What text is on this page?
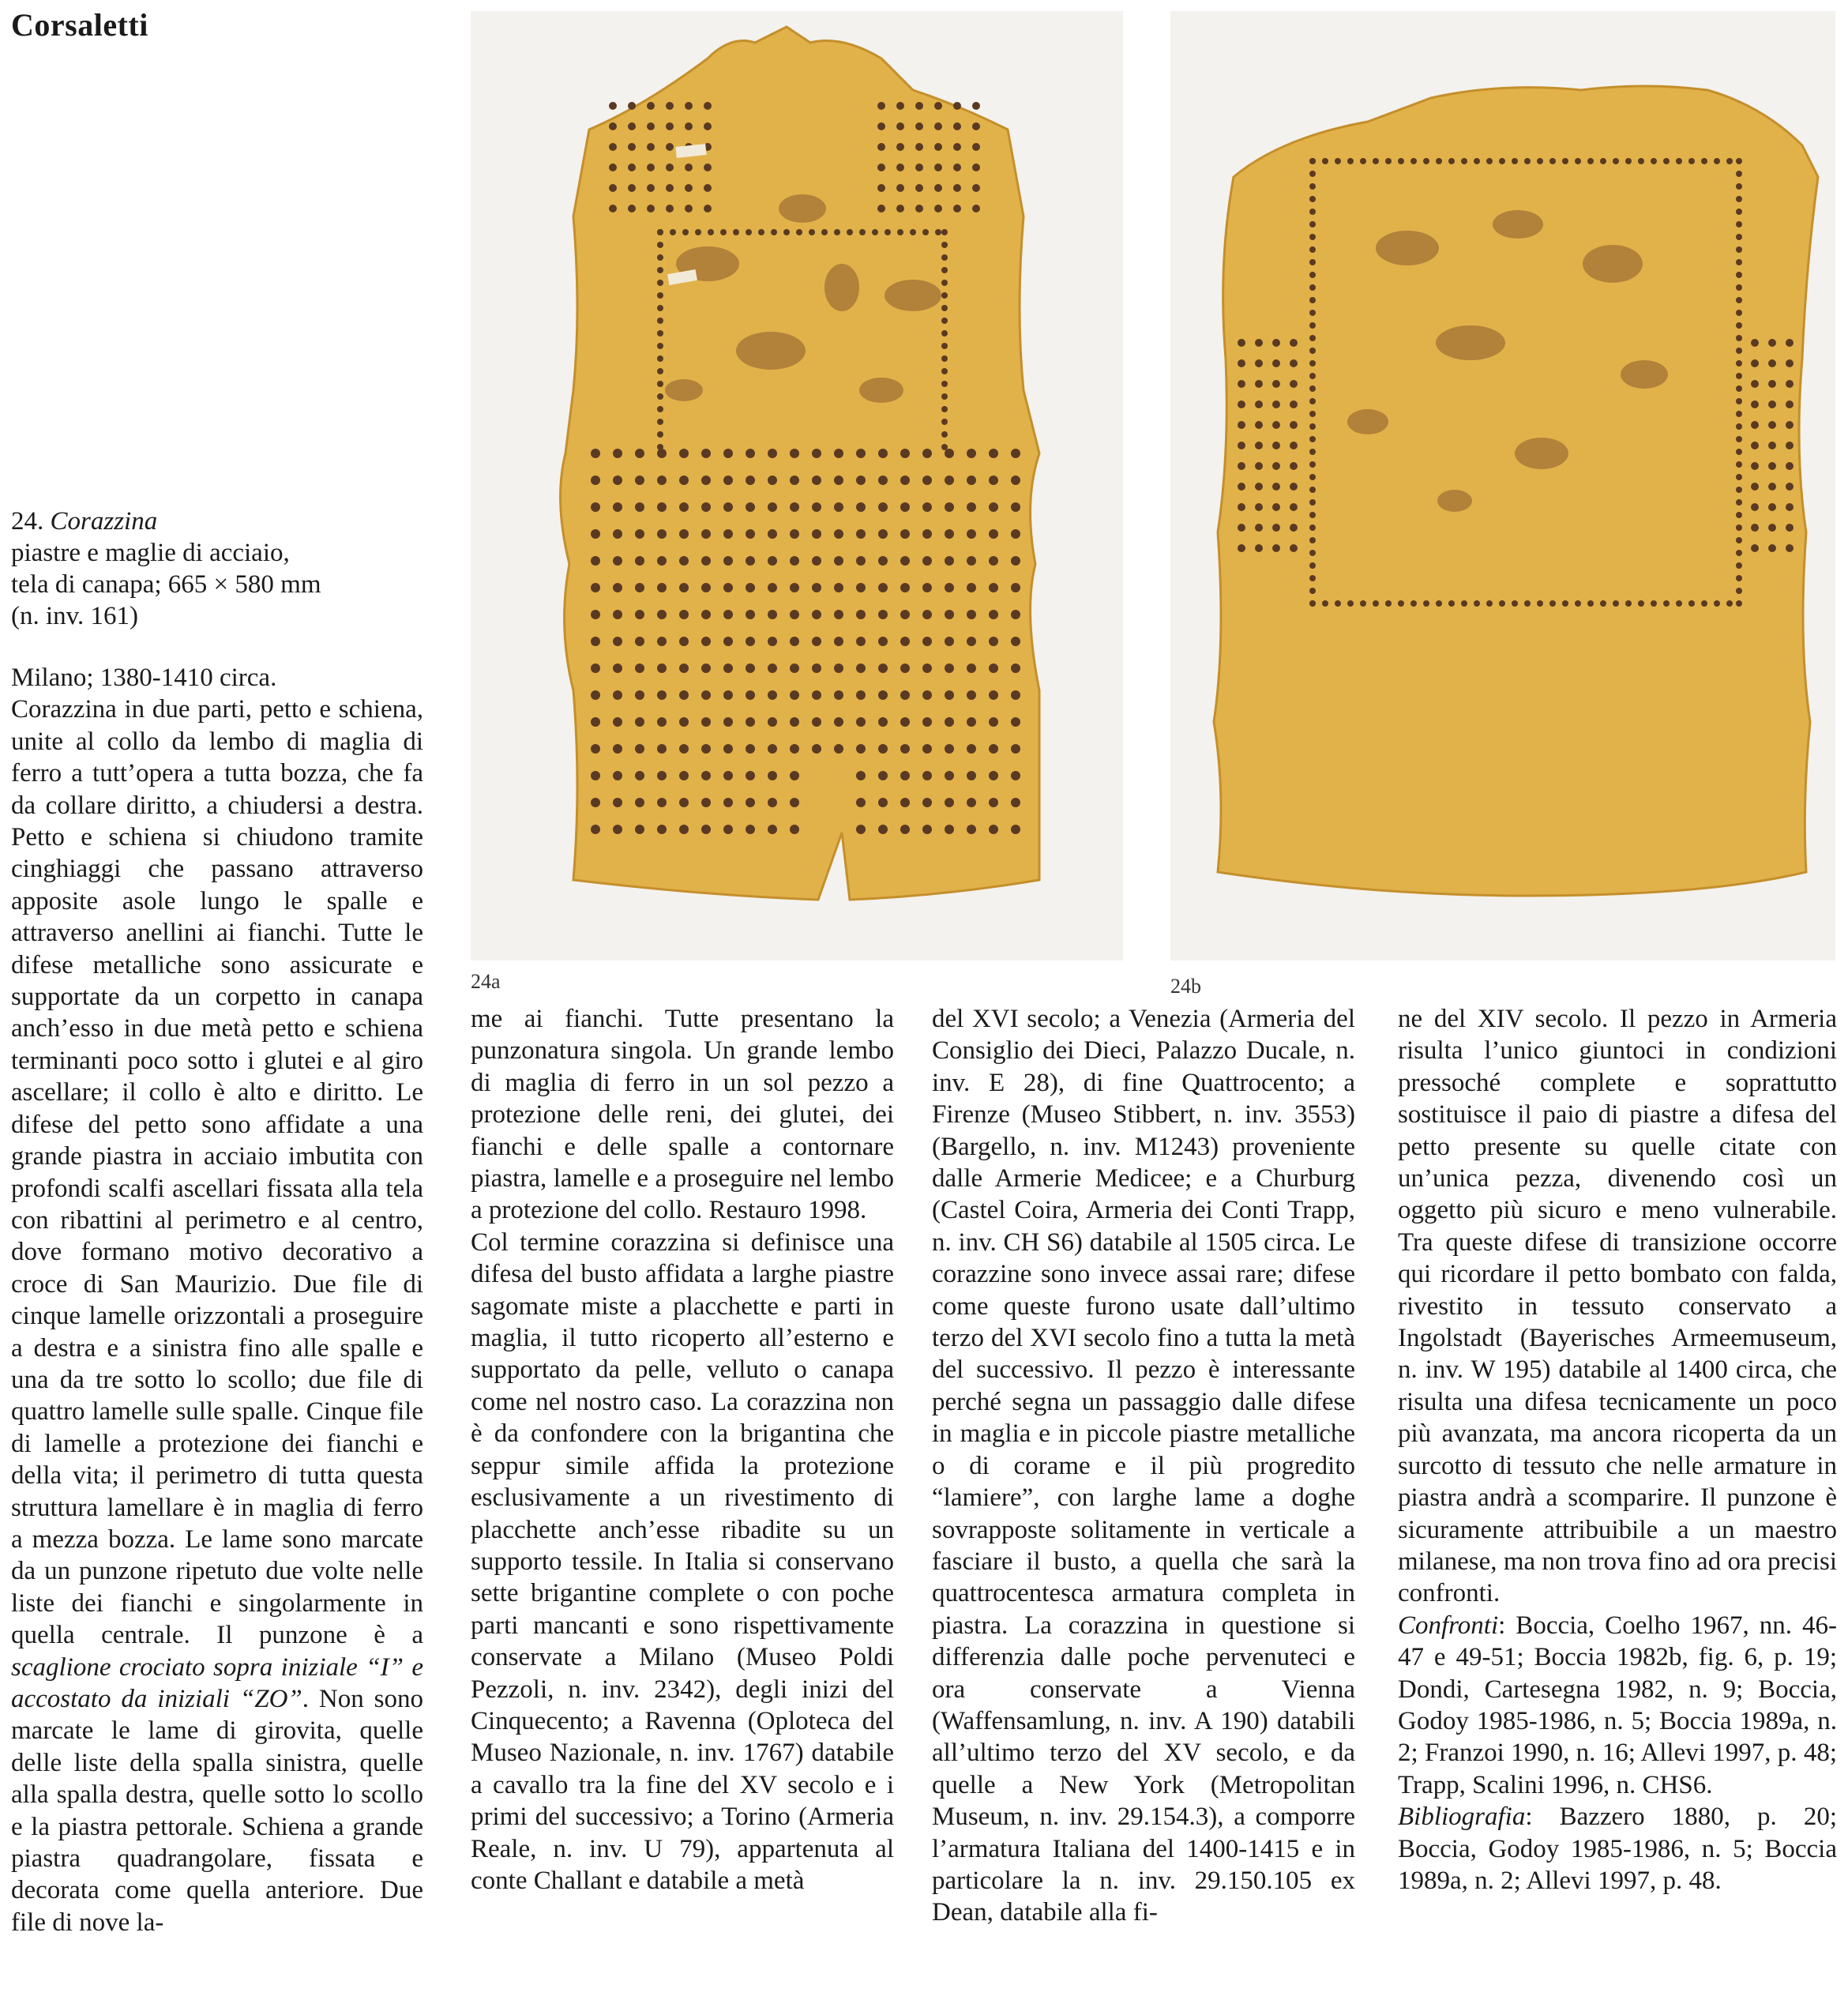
Corsaletti
24. Corazzina
piastre e maglie di acciaio,
tela di canapa; 665 × 580 mm
(n. inv. 161)
24a	24b

Milano; 1380-1410 circa.

Corazzina in due parti, petto e schiena, unite al collo da lembo di maglia di ferro a tutt’opera a tutta bozza, che fa da collare diritto, a chiudersi a destra. Petto e schiena si chiudono tramite cinghiaggi che passano attraverso apposite asole lungo le spalle e attraverso anellini ai fianchi. Tutte le difese metalliche sono assicurate e supportate da un corpetto in canapa anch’esso in due metà petto e schiena terminanti poco sotto i glutei e al giro ascellare; il collo è alto e diritto. Le difese del petto sono affidate a una grande piastra in acciaio imbutita con profondi scalfi ascellari fissata alla tela con ribattini al perimetro e al centro, dove formano motivo decorativo a croce di San Maurizio. Due file di cinque lamelle orizzontali a proseguire a destra e a sinistra fino alle spalle e una da tre sotto lo scollo; due file di quattro lamelle sulle spalle. Cinque file di lamelle a protezione dei fianchi e della vita; il perimetro di tutta questa struttura lamellare è in maglia di ferro a mezza bozza. Le lame sono marcate da un punzone ripetuto due volte nelle liste dei fianchi e singolarmente in quella centrale. Il punzone è a scaglione crociato sopra iniziale “I” e accostato da iniziali “ZO”. Non sono marcate le lame di girovita, quelle delle liste della spalla sinistra, quelle alla spalla destra, quelle sotto lo scollo e la piastra pettorale. Schiena a grande piastra quadrangolare, fissata e decorata come quella anteriore. Due file di nove la-

me ai fianchi. Tutte presentano la punzonatura singola. Un grande lembo di maglia di ferro in un sol pezzo a protezione delle reni, dei glutei, dei fianchi e delle spalle a contornare piastra, lamelle e a proseguire nel lembo a protezione del collo. Restauro 1998.

Col termine corazzina si definisce una difesa del busto affidata a larghe piastre sagomate miste a placchette e parti in maglia, il tutto ricoperto all’esterno e supportato da pelle, velluto o canapa come nel nostro caso. La corazzina non è da confondere con la brigantina che seppur simile affida la protezione esclusivamente a un rivestimento di placchette anch’esse ribadite su un supporto tessile. In Italia si conservano sette brigantine complete o con poche parti mancanti e sono rispettivamente conservate a Milano (Museo Poldi Pezzoli, n. inv. 2342), degli inizi del Cinquecento; a Ravenna (Oploteca del Museo Nazionale, n. inv. 1767) databile a cavallo tra la fine del XV secolo e i primi del successivo; a Torino (Armeria Reale, n. inv. U 79), appartenuta al conte Challant e databile a metà

del XVI secolo; a Venezia (Armeria del Consiglio dei Dieci, Palazzo Ducale, n. inv. E 28), di fine Quattrocento; a Firenze (Museo Stibbert, n. inv. 3553) (Bargello, n. inv. M1243) proveniente dalle Armerie Medicee; e a Churburg (Castel Coira, Armeria dei Conti Trapp, n. inv. CH S6) databile al 1505 circa. Le corazzine sono invece assai rare; difese come queste furono usate dall’ultimo terzo del XVI secolo fino a tutta la metà del successivo. Il pezzo è interessante perché segna un passaggio dalle difese in maglia e in piccole piastre metalliche o di corame e il più progredito “lamiere”, con larghe lame a doghe sovrapposte solitamente in verticale a fasciare il busto, a quella che sarà la quattrocentesca armatura completa in piastra. La corazzina in questione si differenzia dalle poche pervenuteci e ora conservate a Vienna (Waffensamlung, n. inv. A 190) databili all’ultimo terzo del XV secolo, e da quelle a New York (Metropolitan Museum, n. inv. 29.154.3), a comporre l’armatura Italiana del 1400-1415 e in particolare la n. inv. 29.150.105 ex Dean, databile alla fi-

ne del XIV secolo. Il pezzo in Armeria risulta l’unico giuntoci in condizioni pressoché complete e soprattutto sostituisce il paio di piastre a difesa del petto presente su quelle citate con un’unica pezza, divenendo così un oggetto più sicuro e meno vulnerabile. Tra queste difese di transizione occorre qui ricordare il petto bombato con falda, rivestito in tessuto conservato a Ingolstadt (Bayerisches Armeemuseum, n. inv. W 195) databile al 1400 circa, che risulta una difesa tecnicamente un poco più avanzata, ma ancora ricoperta da un surcotto di tessuto che nelle armature in piastra andrà a scomparire. Il punzone è sicuramente attribuibile a un maestro milanese, ma non trova fino ad ora precisi confronti.

Confronti: Boccia, Coelho 1967, nn. 46-47 e 49-51; Boccia 1982b, fig. 6, p. 19; Dondi, Cartesegna 1982, n. 9; Boccia, Godoy 1985-1986, n. 5; Boccia 1989a, n. 2; Franzoi 1990, n. 16; Allevi 1997, p. 48; Trapp, Scalini 1996, n. CHS6.

Bibliografia: Bazzero 1880, p. 20; Boccia, Godoy 1985-1986, n. 5; Boccia 1989a, n. 2; Allevi 1997, p. 48.
